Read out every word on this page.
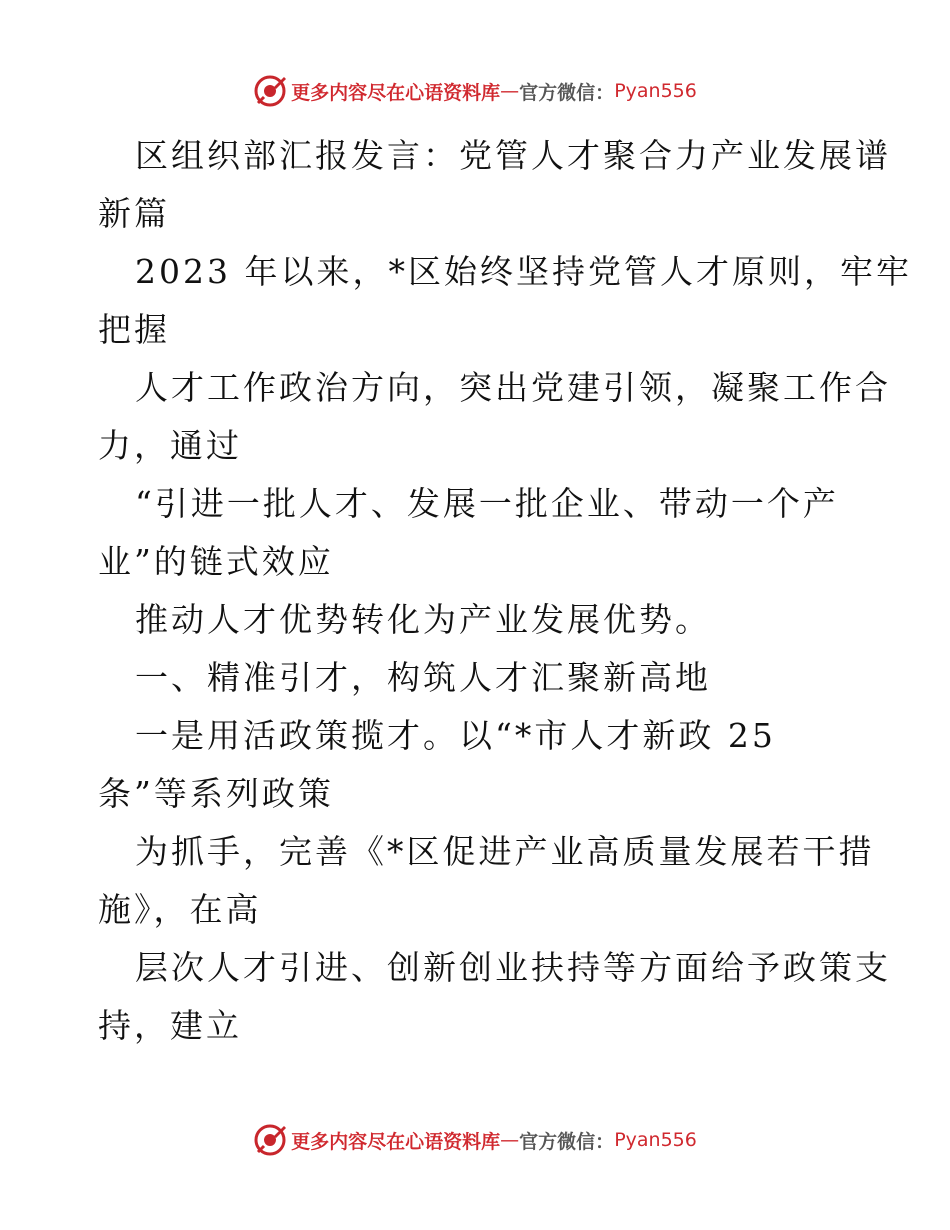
更多内容尽在心语资料库 — 官方微信： Pyan556

区组织部汇报发言：党管人才聚合力产业发展谱

新篇

2023 年以来，*区始终坚持党管人才原则，牢牢

把握

人才工作政治方向，突出党建引领，凝聚工作合

力，通过

“引进一批人才、发展一批企业、带动一个产

业”的链式效应

推动人才优势转化为产业发展优势。

一、精准引才，构筑人才汇聚新高地

一是用活政策揽才。以“*市人才新政 25

条”等系列政策

为抓手，完善《*区促进产业高质量发展若干措

施》，在高

层次人才引进、创新创业扶持等方面给予政策支

持，建立

更多内容尽在心语资料库 — 官方微信： Pyan556
